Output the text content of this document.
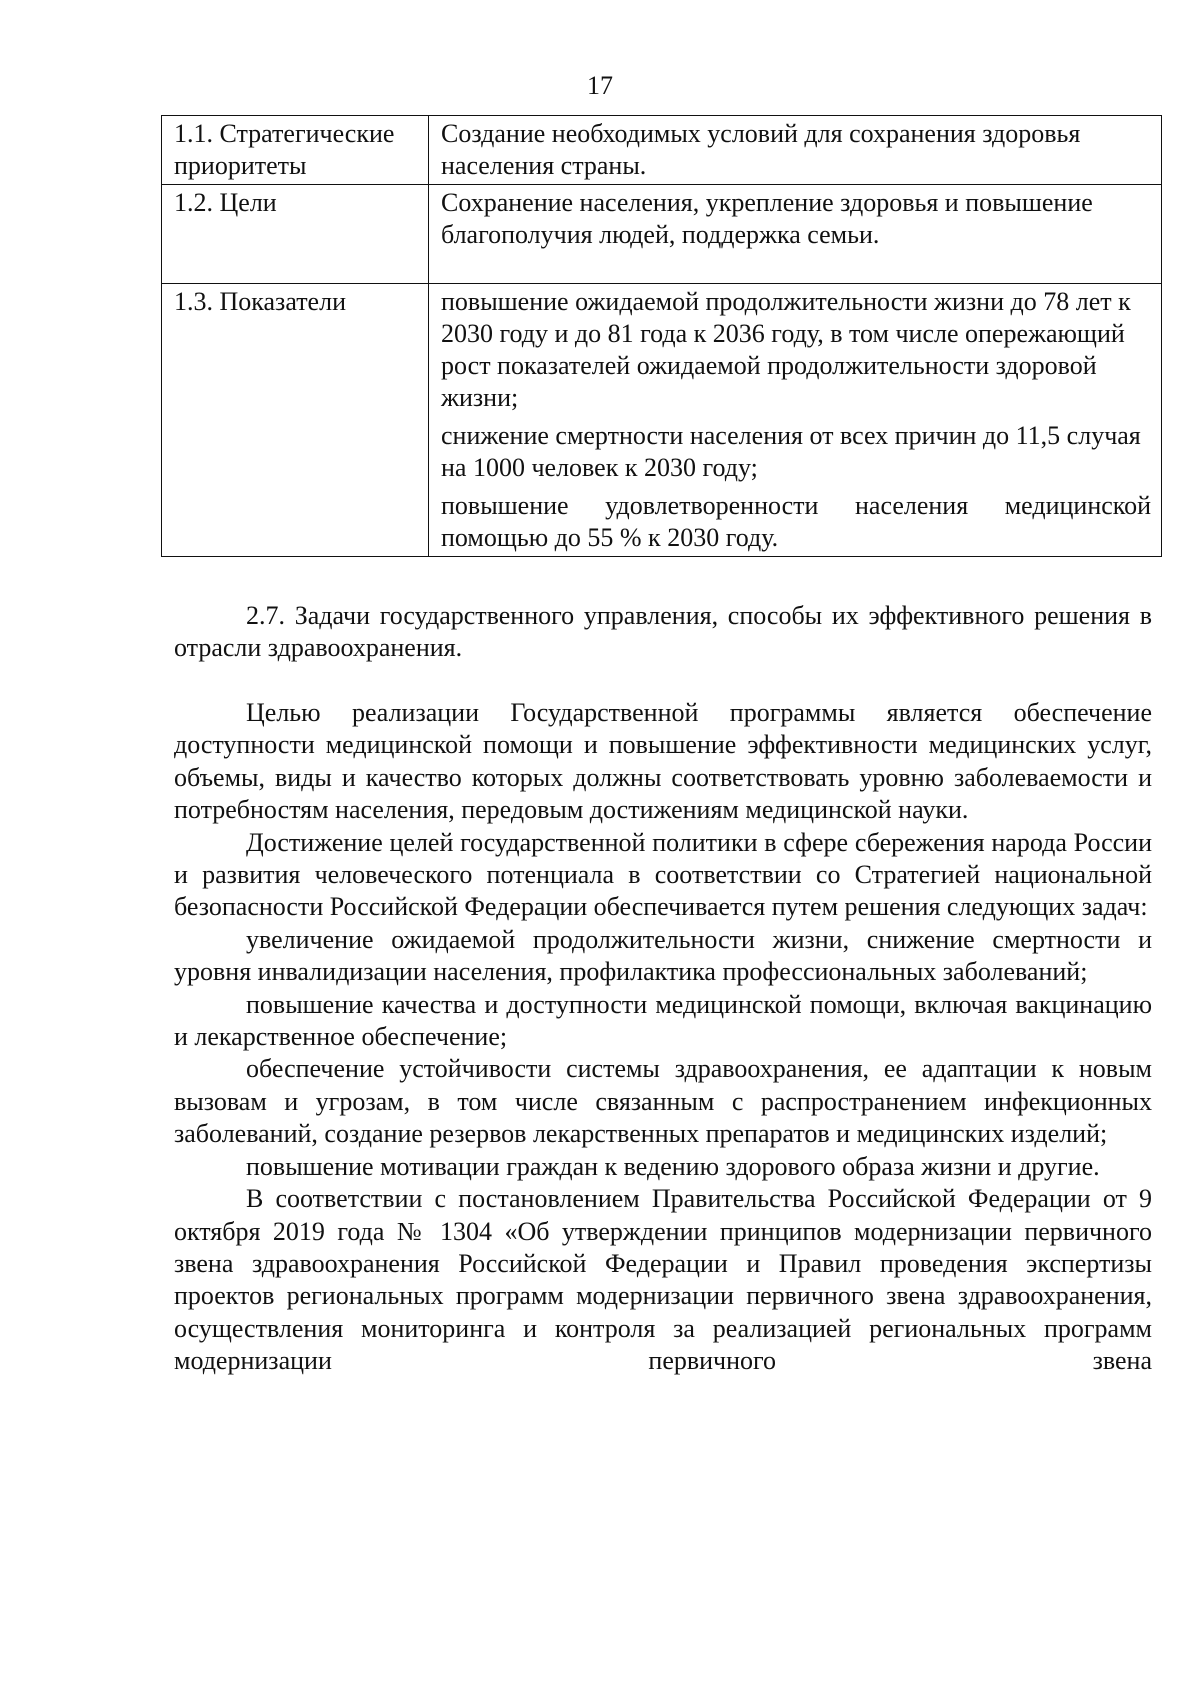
17
1.1. Стратегические приоритеты	Создание необходимых условий для сохранения здоровья населения страны.

1.2. Цели	Сохранение населения, укрепление здоровья и повышение благополучия людей, поддержка семьи.

1.3. Показатели	повышение ожидаемой продолжительности жизни до 78 лет к 2030 году и до 81 года к 2036 году, в том числе опережающий рост показателей ожидаемой продолжительности здоровой жизни;

снижение смертности населения от всех причин до 11,5 случая на 1000 человек к 2030 году;

повышение удовлетворенности населения медицинской помощью до 55 % к 2030 году.

2.7. Задачи государственного управления, способы их эффективного решения в отрасли здравоохранения.

Целью реализации Государственной программы является обеспечение доступности медицинской помощи и повышение эффективности медицинских услуг, объемы, виды и качество которых должны соответствовать уровню заболеваемости и потребностям населения, передовым достижениям медицинской науки.

Достижение целей государственной политики в сфере сбережения народа России и развития человеческого потенциала в соответствии со Стратегией национальной безопасности Российской Федерации обеспечивается путем решения следующих задач:

увеличение ожидаемой продолжительности жизни, снижение смертности и уровня инвалидизации населения, профилактика профессиональных заболеваний;

повышение качества и доступности медицинской помощи, включая вакцинацию и лекарственное обеспечение;

обеспечение устойчивости системы здравоохранения, ее адаптации к новым вызовам и угрозам, в том числе связанным с распространением инфекционных заболеваний, создание резервов лекарственных препаратов и медицинских изделий;

повышение мотивации граждан к ведению здорового образа жизни и другие.

В соответствии с постановлением Правительства Российской Федерации от 9 октября 2019 года № 1304 «Об утверждении принципов модернизации первичного звена здравоохранения Российской Федерации и Правил проведения экспертизы проектов региональных программ модернизации первичного звена здравоохранения, осуществления мониторинга и контроля за реализацией региональных программ модернизации первичного звена
